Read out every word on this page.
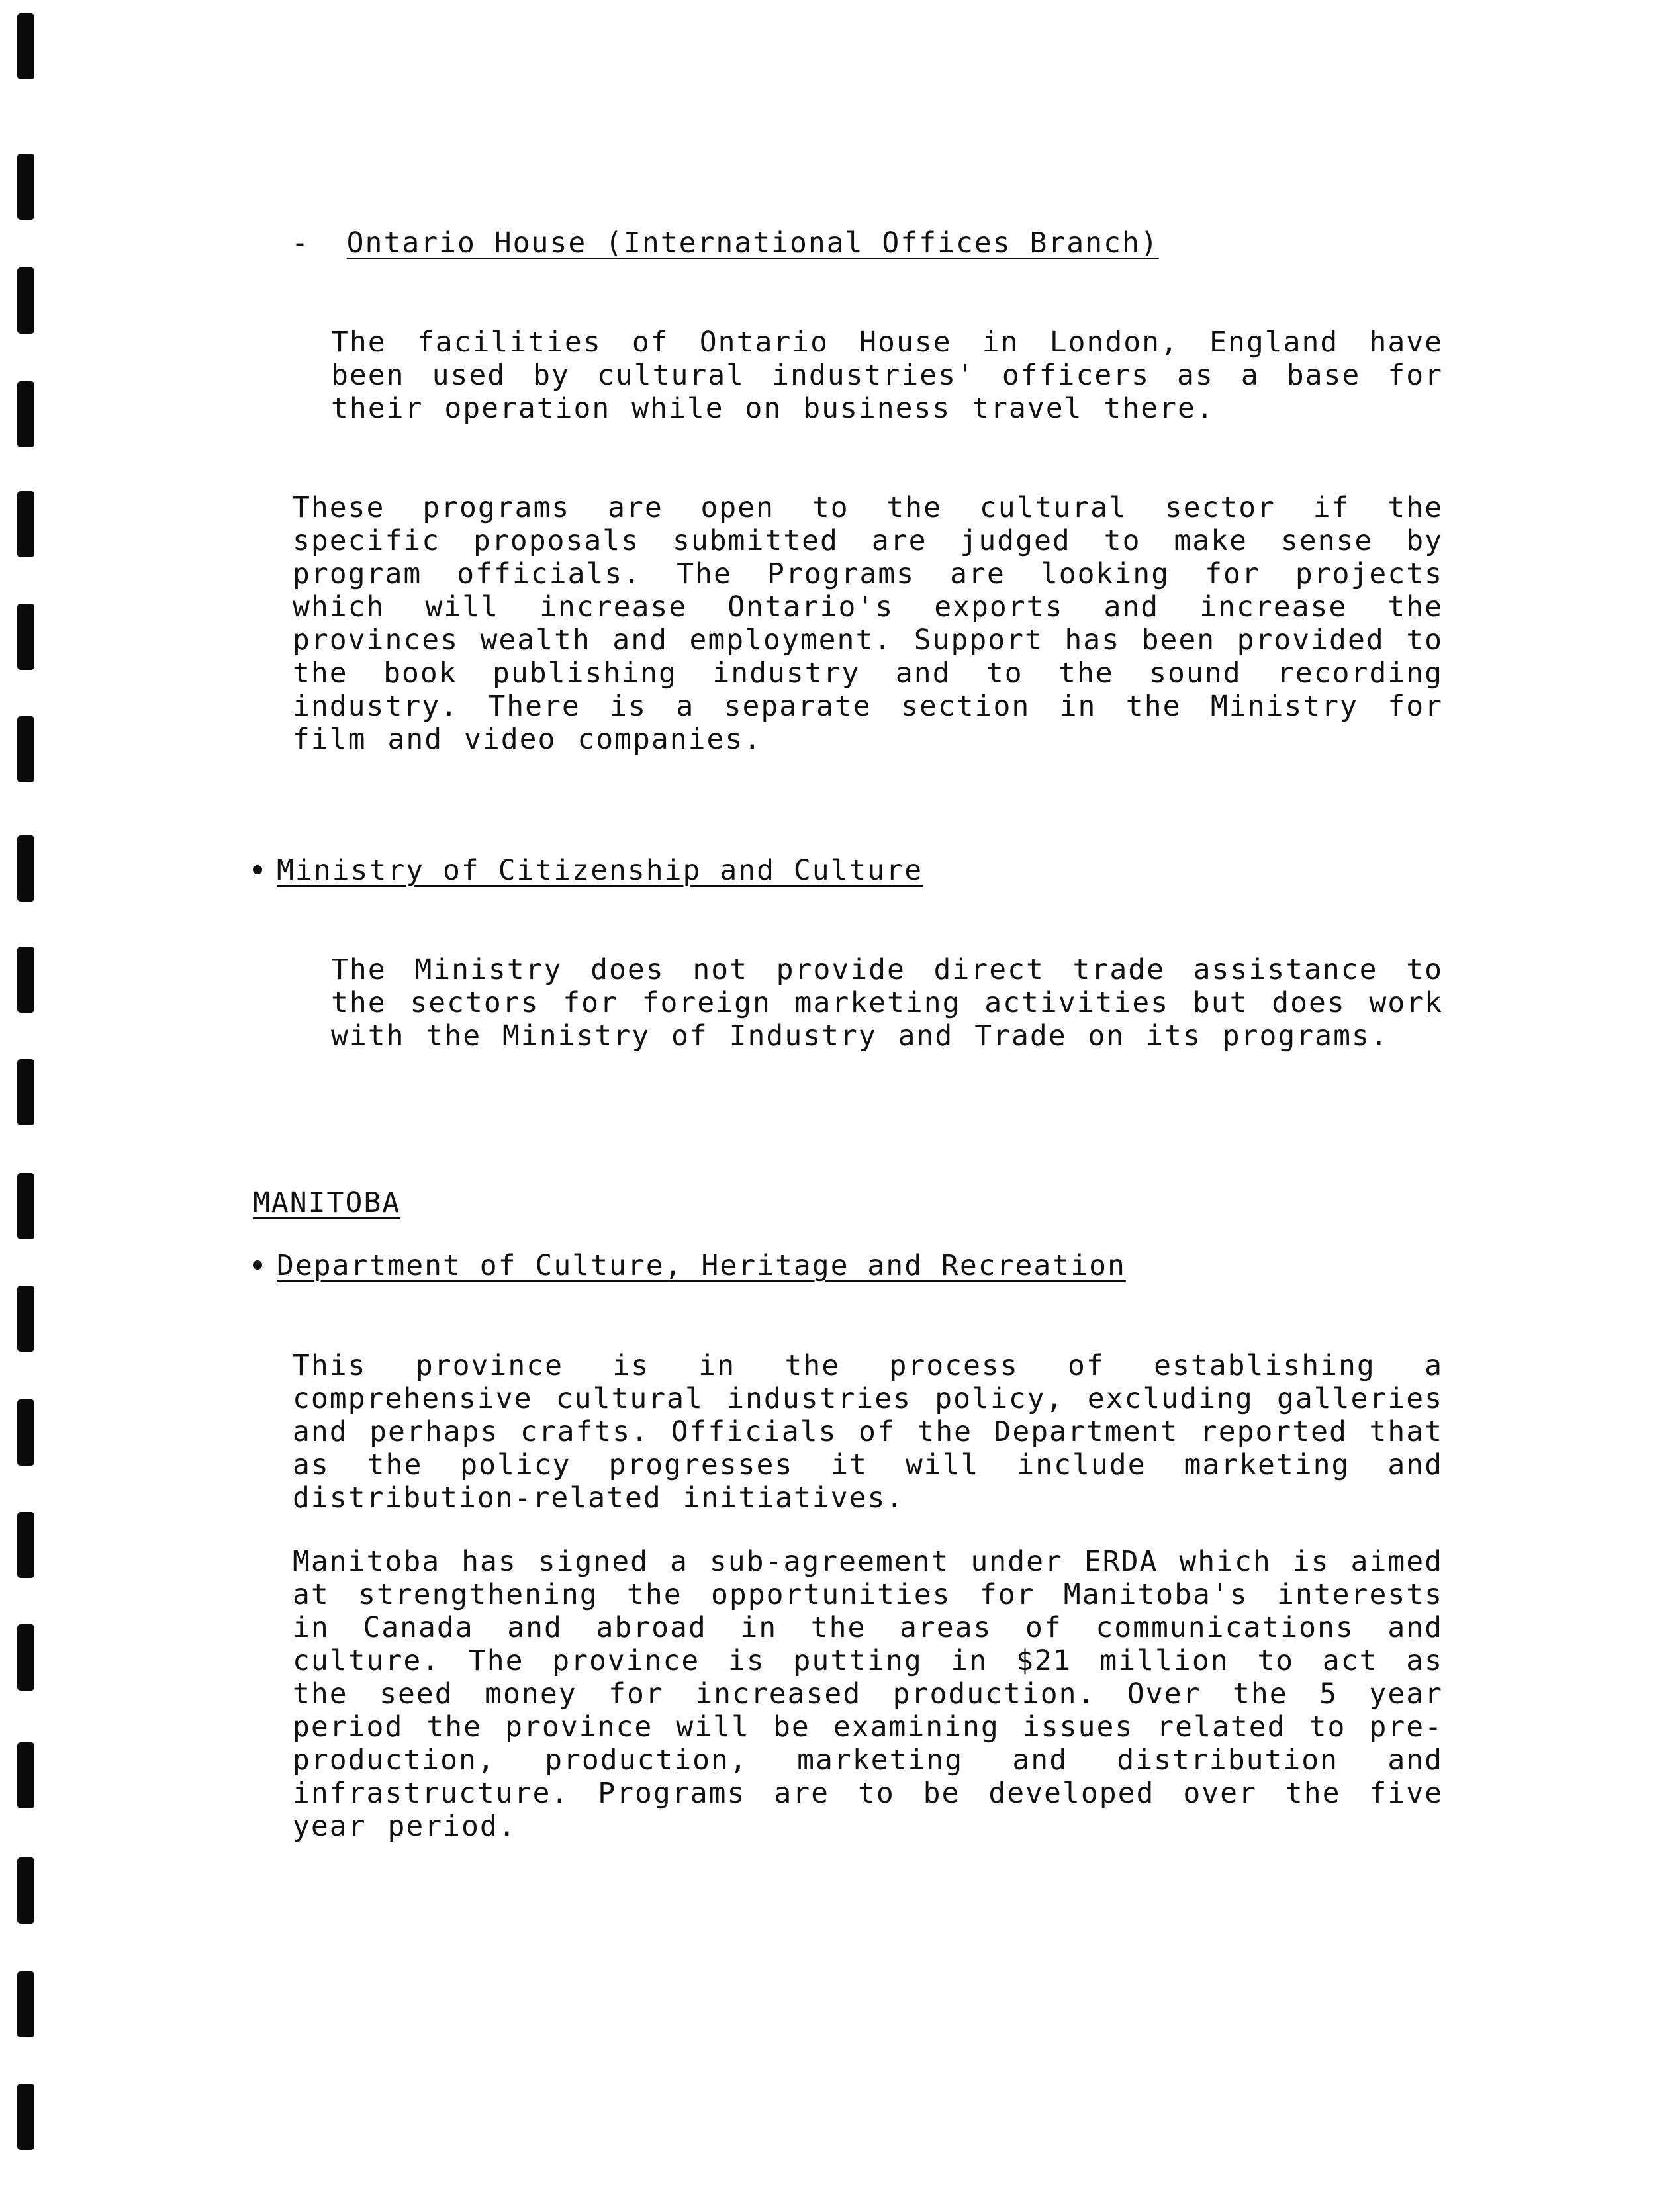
- Ontario House (International Offices Branch)
The facilities of Ontario House in London, England have been used by cultural industries' officers as a base for their operation while on business travel there.
These programs are open to the cultural sector if the specific proposals submitted are judged to make sense by program officials. The Programs are looking for projects which will increase Ontario's exports and increase the provinces wealth and employment. Support has been provided to the book publishing industry and to the sound recording industry. There is a separate section in the Ministry for film and video companies.
Ministry of Citizenship and Culture
The Ministry does not provide direct trade assistance to the sectors for foreign marketing activities but does work with the Ministry of Industry and Trade on its programs.
MANITOBA
Department of Culture, Heritage and Recreation
This province is in the process of establishing a comprehensive cultural industries policy, excluding galleries and perhaps crafts. Officials of the Department reported that as the policy progresses it will include marketing and distribution-related initiatives.
Manitoba has signed a sub-agreement under ERDA which is aimed at strengthening the opportunities for Manitoba's interests in Canada and abroad in the areas of communications and culture. The province is putting in $21 million to act as the seed money for increased production. Over the 5 year period the province will be examining issues related to pre-production, production, marketing and distribution and infrastructure. Programs are to be developed over the five year period.
